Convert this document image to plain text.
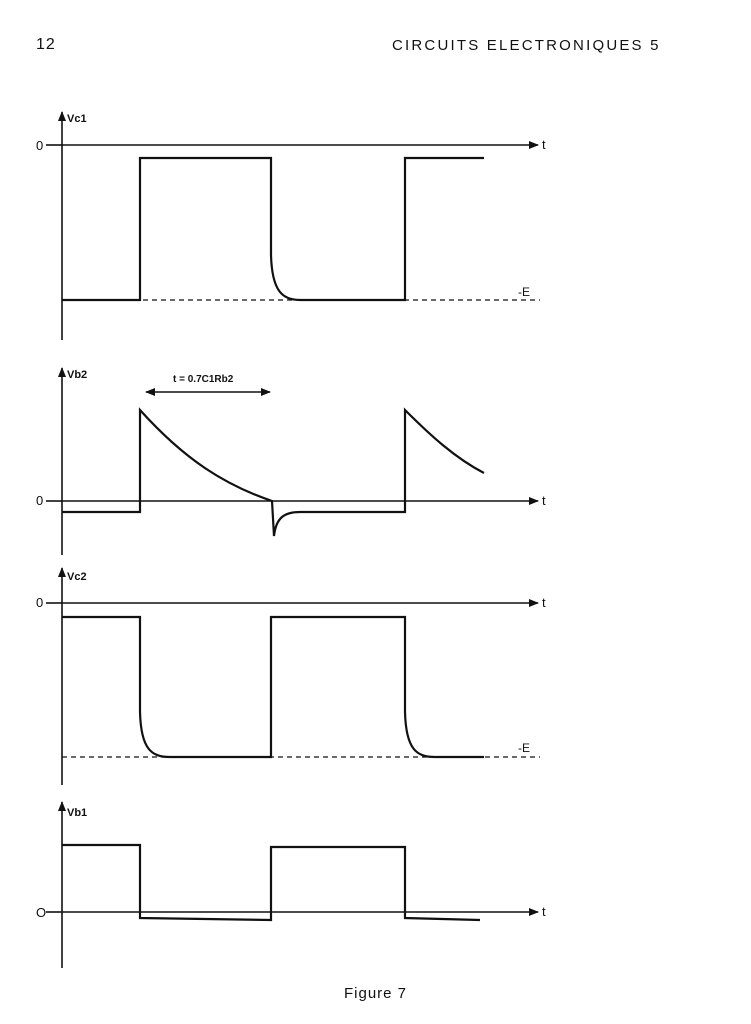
12	CIRCUITS ELECTRONIQUES 5
Vc1
0	t
-E
Vb2
0	t
t = 0.7C1Rb2
Vc2
0	t
-E
Vb1
O	t
Figure 7
